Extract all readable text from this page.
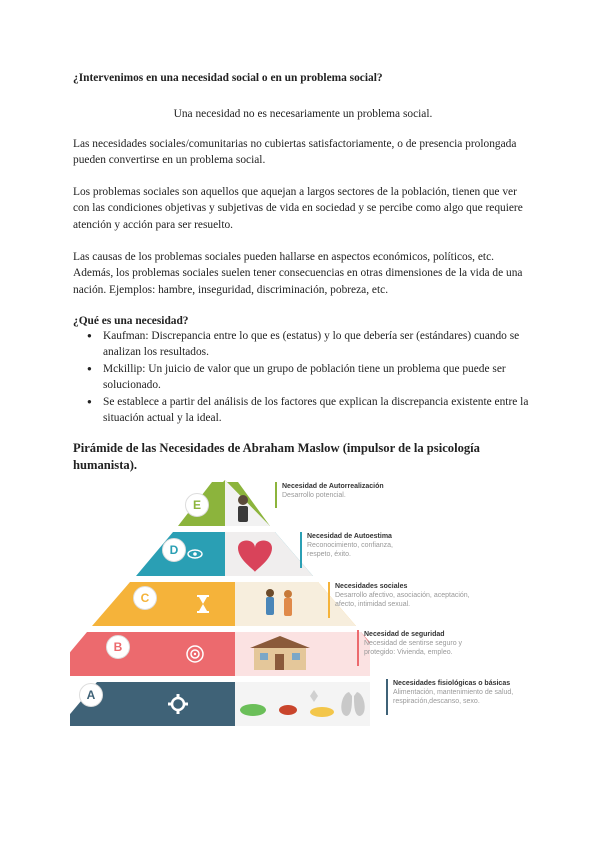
¿Intervenimos en una necesidad social o en un problema social?

Una necesidad no es necesariamente un problema social.

Las necesidades sociales/comunitarias no cubiertas satisfactoriamente, o de presencia prolongada pueden convertirse en un problema social.

Los problemas sociales son aquellos que aquejan a largos sectores de la población, tienen que ver con las condiciones objetivas y subjetivas de vida en sociedad y se percibe como algo que requiere atención y acción para ser resuelto.

Las causas de los problemas sociales pueden hallarse en aspectos económicos, políticos, etc. Además, los problemas sociales suelen tener consecuencias en otras dimensiones de la vida de una nación. Ejemplos: hambre, inseguridad, discriminación, pobreza, etc.

¿Qué es una necesidad?

● Kaufman: Discrepancia entre lo que es (estatus) y lo que debería ser (estándares) cuando se analizan los resultados.
● Mckillip: Un juicio de valor que un grupo de población tiene un problema que puede ser solucionado.
● Se establece a partir del análisis de los factores que explican la discrepancia existente entre la situación actual y la ideal.

Pirámide de las Necesidades de Abraham Maslow (impulsor de la psicología humanista).

E
D
C
B
A
Necesidad de Autorrealización
Desarrollo potencial.
Necesidad de Autoestima
Reconocimiento, confianza, respeto, éxito.
Necesidades sociales
Desarrollo afectivo, asociación, aceptación, afecto, intimidad sexual.
Necesidad de seguridad
Necesidad de sentirse seguro y protegido: Vivienda, empleo.
Necesidades fisiológicas o básicas
Alimentación, mantenimiento de salud, respiración,descanso, sexo.
